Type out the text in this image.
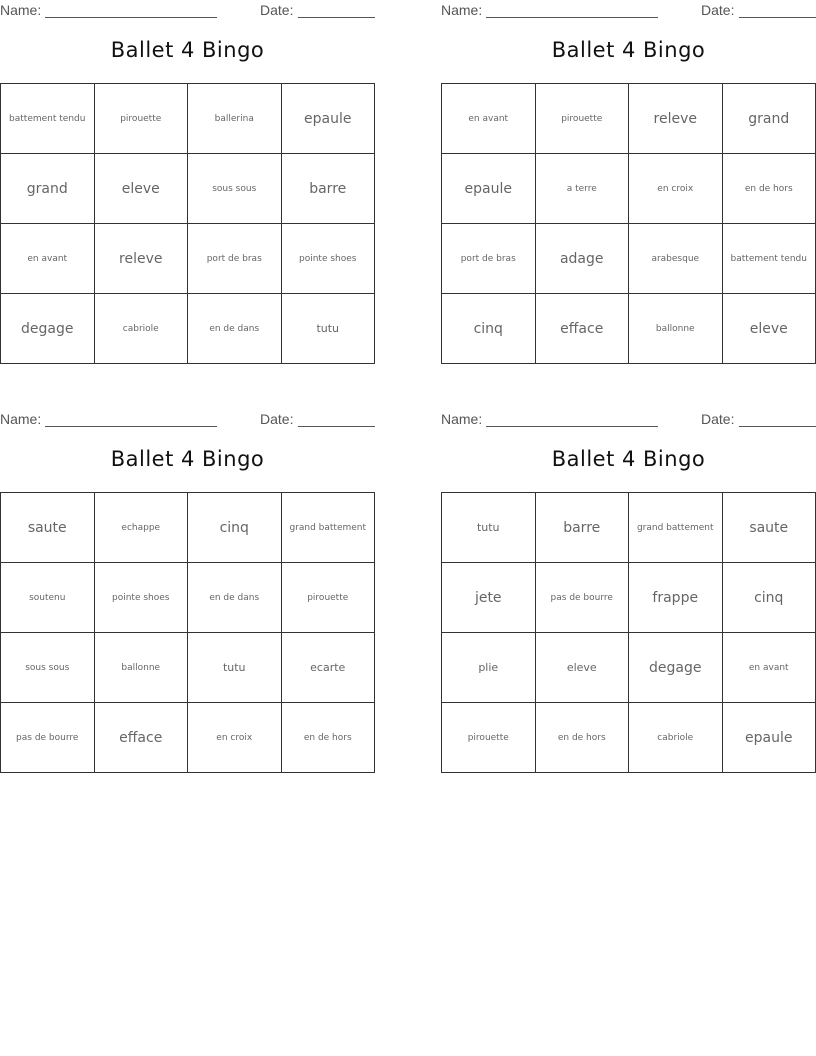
Name:	Date:
Ballet 4 Bingo
battement tendu	pirouette	ballerina	epaule
grand	eleve	sous sous	barre
en avant	releve	port de bras	pointe shoes
degage	cabriole	en de dans	tutu
Name:	Date:
Ballet 4 Bingo
en avant	pirouette	releve	grand
epaule	a terre	en croix	en de hors
port de bras	adage	arabesque	battement tendu
cinq	efface	ballonne	eleve
Name:	Date:
Ballet 4 Bingo
saute	echappe	cinq	grand battement
soutenu	pointe shoes	en de dans	pirouette
sous sous	ballonne	tutu	ecarte
pas de bourre	efface	en croix	en de hors
Name:	Date:
Ballet 4 Bingo
tutu	barre	grand battement	saute
jete	pas de bourre	frappe	cinq
plie	eleve	degage	en avant
pirouette	en de hors	cabriole	epaule
